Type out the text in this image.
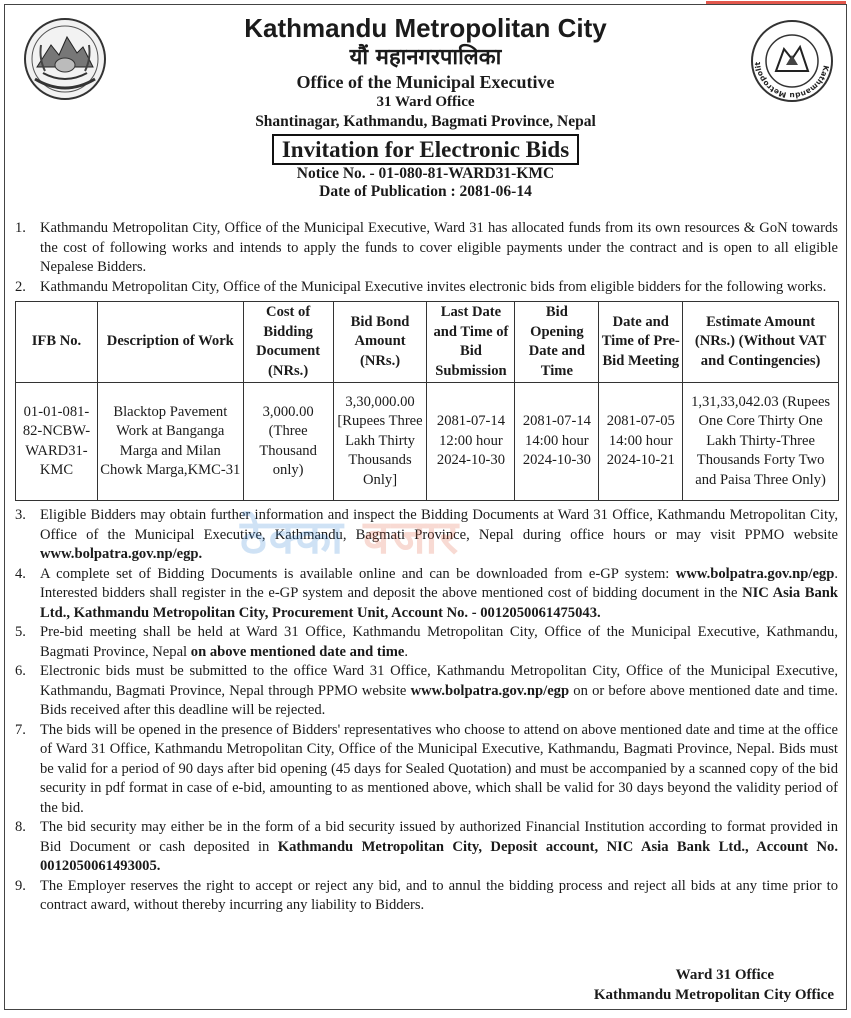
Kathmandu Metropolit
Kathmandu Metropolitan City
यौं महानगरपालिका
Office of the Municipal Executive
31 Ward Office
Shantinagar, Kathmandu, Bagmati Province, Nepal
Invitation for Electronic Bids
Notice No. - 01-080-81-WARD31-KMC
Date of Publication : 2081-06-14
1. Kathmandu Metropolitan City, Office of the Municipal Executive, Ward 31 has allocated funds from its own resources & GoN towards the cost of following works and intends to apply the funds to cover eligible payments under the contract and is open to all eligible Nepalese Bidders.
2. Kathmandu Metropolitan City, Office of the Municipal Executive invites electronic bids from eligible bidders for the following works.
IFB No.	Description of Work	Cost of Bidding Document (NRs.)	Bid Bond Amount (NRs.)	Last Date and Time of Bid Submission	Bid Opening Date and Time	Date and Time of Pre-Bid Meeting	Estimate Amount (NRs.) (Without VAT and Contingencies)
01-01-081-82-NCBW-WARD31-KMC	Blacktop Pavement Work at Banganga Marga and Milan Chowk Marga,KMC-31	3,000.00 (Three Thousand only)	3,30,000.00 [Rupees Three Lakh Thirty Thousands Only]	2081-07-14 12:00 hour 2024-10-30	2081-07-14 14:00 hour 2024-10-30	2081-07-05 14:00 hour 2024-10-21	1,31,33,042.03 (Rupees One Core Thirty One Lakh Thirty-Three Thousands Forty Two and Paisa Three Only)
3. Eligible Bidders may obtain further information and inspect the Bidding Documents at Ward 31 Office, Kathmandu Metropolitan City, Office of the Municipal Executive, Kathmandu, Bagmati Province, Nepal during office hours or may visit PPMO website www.bolpatra.gov.np/egp.
4. A complete set of Bidding Documents is available online and can be downloaded from e-GP system: www.bolpatra.gov.np/egp. Interested bidders shall register in the e-GP system and deposit the above mentioned cost of bidding document in the NIC Asia Bank Ltd., Kathmandu Metropolitan City, Procurement Unit, Account No. - 0012050061475043.
5. Pre-bid meeting shall be held at Ward 31 Office, Kathmandu Metropolitan City, Office of the Municipal Executive, Kathmandu, Bagmati Province, Nepal on above mentioned date and time.
6. Electronic bids must be submitted to the office Ward 31 Office, Kathmandu Metropolitan City, Office of the Municipal Executive, Kathmandu, Bagmati Province, Nepal through PPMO website www.bolpatra.gov.np/egp on or before above mentioned date and time. Bids received after this deadline will be rejected.
7. The bids will be opened in the presence of Bidders' representatives who choose to attend on above mentioned date and time at the office of Ward 31 Office, Kathmandu Metropolitan City, Office of the Municipal Executive, Kathmandu, Bagmati Province, Nepal. Bids must be valid for a period of 90 days after bid opening (45 days for Sealed Quotation) and must be accompanied by a scanned copy of the bid security in pdf format in case of e-bid, amounting to as mentioned above, which shall be valid for 30 days beyond the validity period of the bid.
8. The bid security may either be in the form of a bid security issued by authorized Financial Institution according to format provided in Bid Document or cash deposited in Kathmandu Metropolitan City, Deposit account, NIC Asia Bank Ltd., Account No. 0012050061493005.
9. The Employer reserves the right to accept or reject any bid, and to annul the bidding process and reject all bids at any time prior to contract award, without thereby incurring any liability to Bidders.
ठेक्का बजार
Ward 31 Office
Kathmandu Metropolitan City Office
